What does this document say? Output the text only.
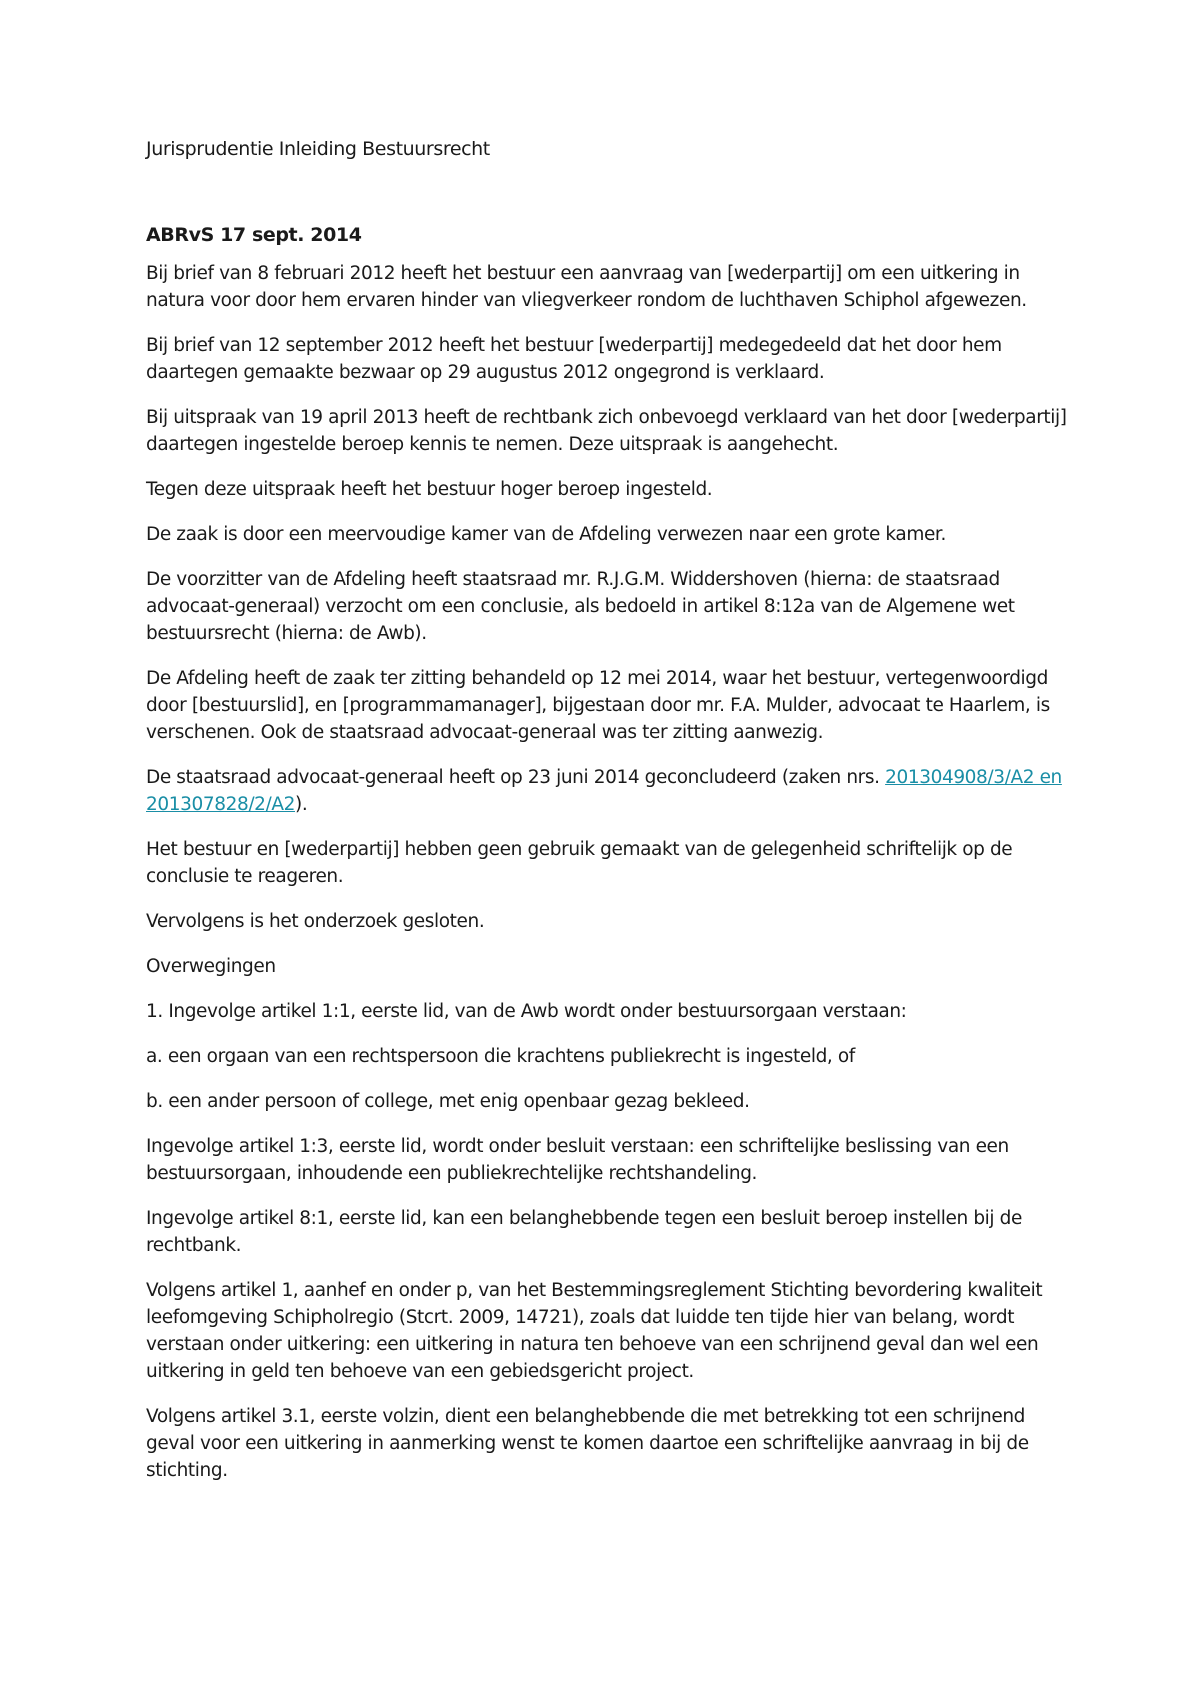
Jurisprudentie Inleiding Bestuursrecht
ABRvS 17 sept. 2014

Bij brief van 8 februari 2012 heeft het bestuur een aanvraag van [wederpartij] om een uitkering in natura voor door hem ervaren hinder van vliegverkeer rondom de luchthaven Schiphol afgewezen.

Bij brief van 12 september 2012 heeft het bestuur [wederpartij] medegedeeld dat het door hem daartegen gemaakte bezwaar op 29 augustus 2012 ongegrond is verklaard.

Bij uitspraak van 19 april 2013 heeft de rechtbank zich onbevoegd verklaard van het door [wederpartij] daartegen ingestelde beroep kennis te nemen. Deze uitspraak is aangehecht.

Tegen deze uitspraak heeft het bestuur hoger beroep ingesteld.

De zaak is door een meervoudige kamer van de Afdeling verwezen naar een grote kamer.

De voorzitter van de Afdeling heeft staatsraad mr. R.J.G.M. Widdershoven (hierna: de staatsraad advocaat-generaal) verzocht om een conclusie, als bedoeld in artikel 8:12a van de Algemene wet bestuursrecht (hierna: de Awb).

De Afdeling heeft de zaak ter zitting behandeld op 12 mei 2014, waar het bestuur, vertegenwoordigd door [bestuurslid], en [programmamanager], bijgestaan door mr. F.A. Mulder, advocaat te Haarlem, is verschenen. Ook de staatsraad advocaat-generaal was ter zitting aanwezig.

De staatsraad advocaat-generaal heeft op 23 juni 2014 geconcludeerd (zaken nrs. 201304908/3/A2 en 201307828/2/A2).

Het bestuur en [wederpartij] hebben geen gebruik gemaakt van de gelegenheid schriftelijk op de conclusie te reageren.

Vervolgens is het onderzoek gesloten.

Overwegingen

1. Ingevolge artikel 1:1, eerste lid, van de Awb wordt onder bestuursorgaan verstaan:

a. een orgaan van een rechtspersoon die krachtens publiekrecht is ingesteld, of

b. een ander persoon of college, met enig openbaar gezag bekleed.

Ingevolge artikel 1:3, eerste lid, wordt onder besluit verstaan: een schriftelijke beslissing van een bestuursorgaan, inhoudende een publiekrechtelijke rechtshandeling.

Ingevolge artikel 8:1, eerste lid, kan een belanghebbende tegen een besluit beroep instellen bij de rechtbank.

Volgens artikel 1, aanhef en onder p, van het Bestemmingsreglement Stichting bevordering kwaliteit leefomgeving Schipholregio (Stcrt. 2009, 14721), zoals dat luidde ten tijde hier van belang, wordt verstaan onder uitkering: een uitkering in natura ten behoeve van een schrijnend geval dan wel een uitkering in geld ten behoeve van een gebiedsgericht project.

Volgens artikel 3.1, eerste volzin, dient een belanghebbende die met betrekking tot een schrijnend geval voor een uitkering in aanmerking wenst te komen daartoe een schriftelijke aanvraag in bij de stichting.
